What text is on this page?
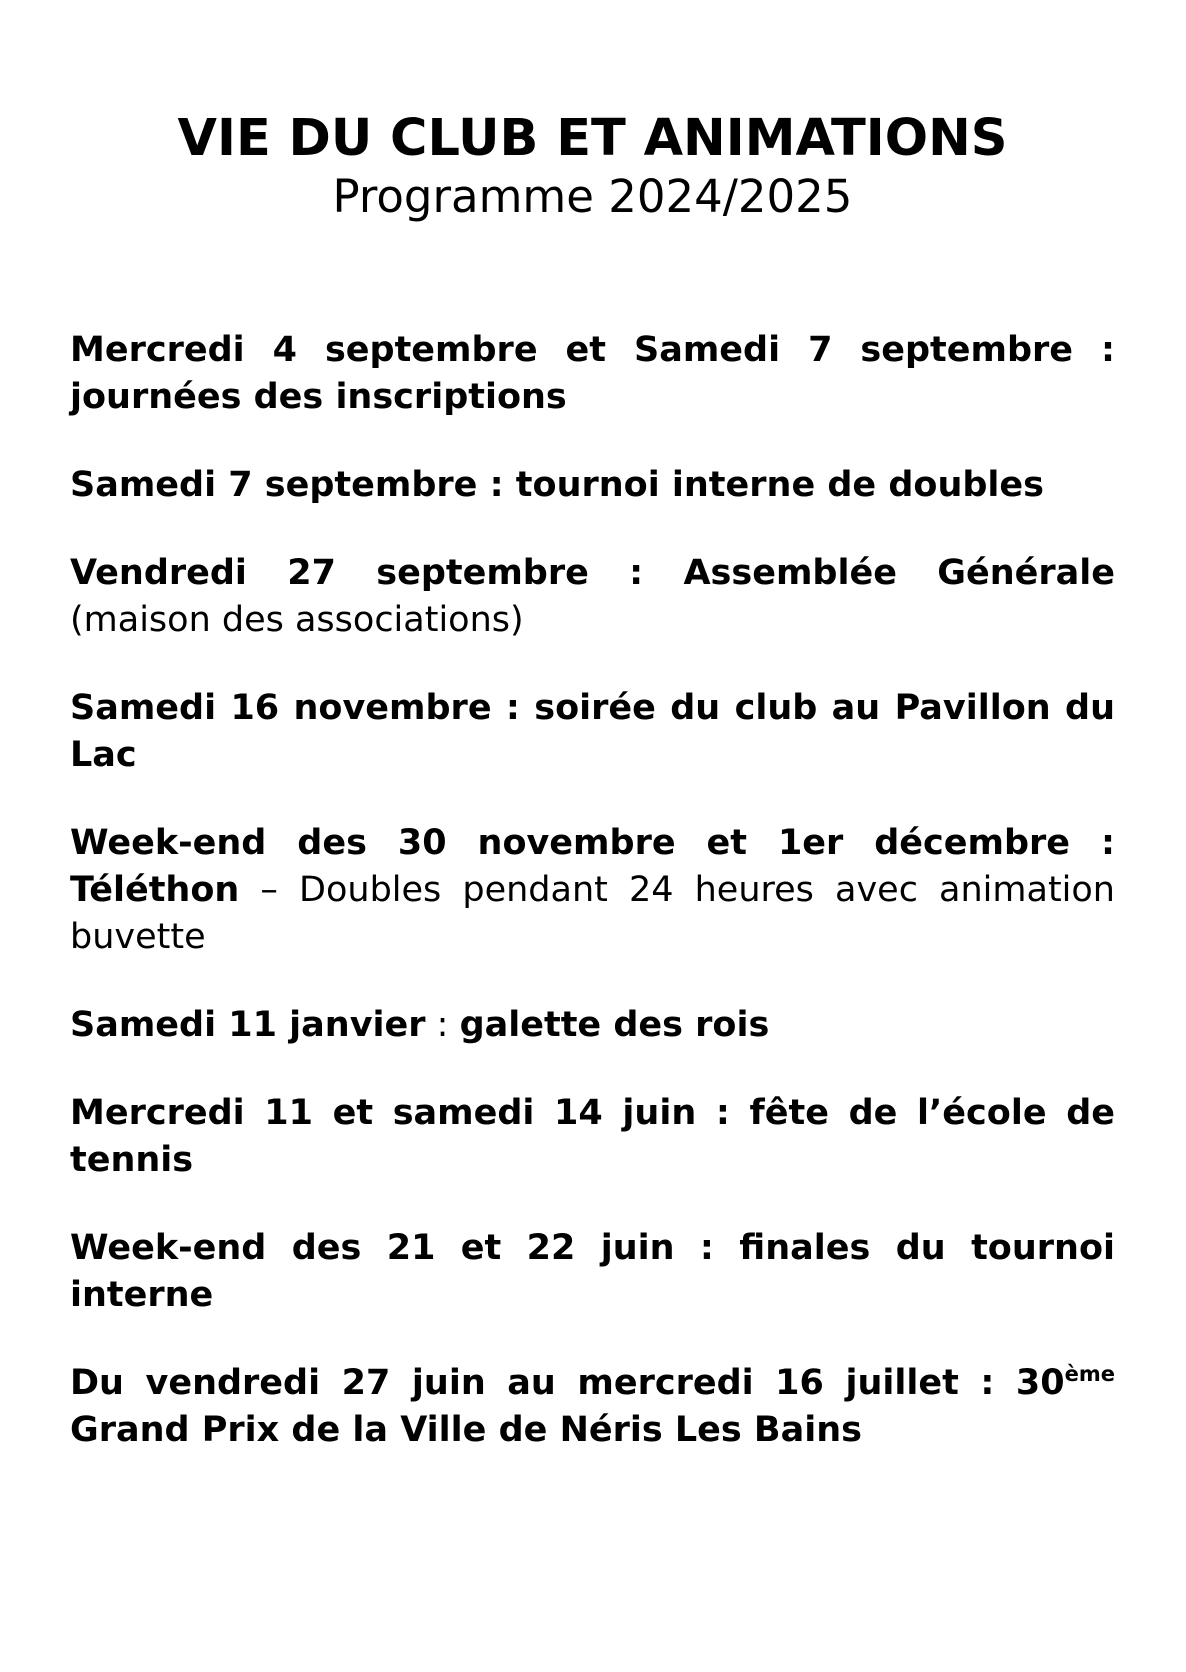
VIE DU CLUB ET ANIMATIONS
Programme 2024/2025

Mercredi 4 septembre et Samedi 7 septembre : journées des inscriptions

Samedi 7 septembre : tournoi interne de doubles

Vendredi 27 septembre : Assemblée Générale (maison des associations)

Samedi 16 novembre : soirée du club au Pavillon du Lac

Week-end des 30 novembre et 1er décembre : Téléthon – Doubles pendant 24 heures avec animation buvette

Samedi 11 janvier : galette des rois

Mercredi 11 et samedi 14 juin : fête de l’école de tennis

Week-end des 21 et 22 juin : finales du tournoi interne

Du vendredi 27 juin au mercredi 16 juillet : 30ème Grand Prix de la Ville de Néris Les Bains
